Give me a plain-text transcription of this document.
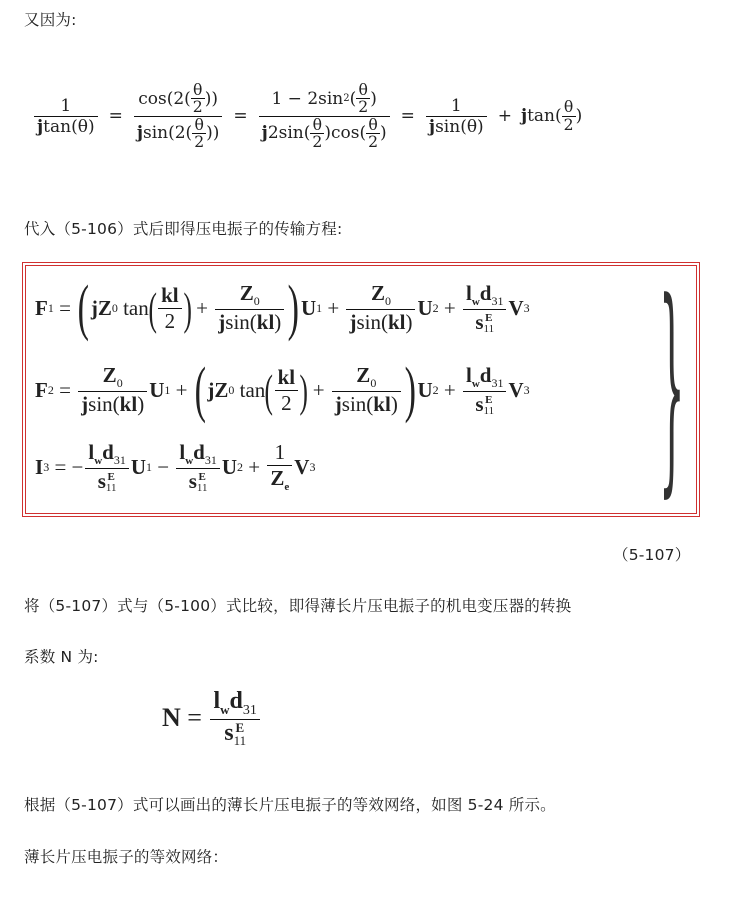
又因为:
$\frac{1}{jtan(\theta)} = \cos(2$( θ
2 ))
j sin(2( θ
2 )) = 1 − 2sin 2 ( θ
2 )
j 2sin( θ
2 )cos( θ
2 ) = $\frac{1}{jsin(\theta)} + j$ tan( θ
2 )
代入（5-106）式后即得压电振子的传输方程:
F 1 = ( j Z 0 tan ( $\frac{kl}{2}$ ) + $\frac{Z_0}{jsin(kl)}$ ) U $1 + \frac{Z_0}{jsin(kl)}$ U $2 + l_wd_{31}$
s E
11 V 3
F $2 = \frac{Z_0}{jsin(kl)}$ U 1 + ( j Z 0 tan ( $\frac{kl}{2}$ ) + $\frac{Z_0}{jsin(kl)}$ ) U $2 + l_wd_{31}$
s E
11 V 3
I 3 = − $l_wd_{31}$
s E
11 U $1 - l_wd_{31}$
s E
11 U $2 + \frac{1}{Z_e}$ V 3 }
（5-107）
将（5-107）式与（5-100）式比较，即得薄长片压电振子的机电变压器的转换
系数 N 为:
$N = l_wd_{31}$
s E
11
根据（5-107）式可以画出的薄长片压电振子的等效网络，如图 5-24 所示。
薄长片压电振子的等效网络：
